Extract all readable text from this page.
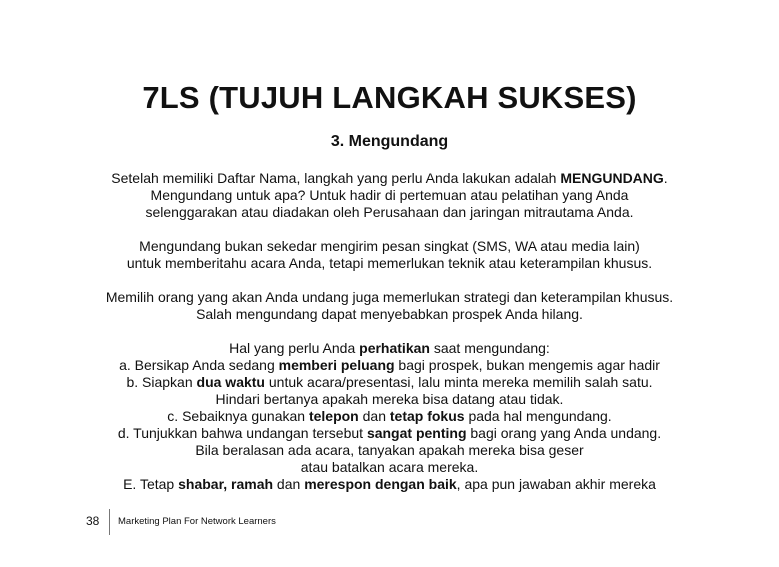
7LS (TUJUH LANGKAH SUKSES)
3. Mengundang
Setelah memiliki Daftar Nama, langkah yang perlu Anda lakukan adalah MENGUNDANG.
Mengundang untuk apa? Untuk hadir di pertemuan atau pelatihan yang Anda
selenggarakan atau diadakan oleh Perusahaan dan jaringan mitrautama Anda.
Mengundang bukan sekedar mengirim pesan singkat (SMS, WA atau media lain)
untuk memberitahu acara Anda, tetapi memerlukan teknik atau keterampilan khusus.
Memilih orang yang akan Anda undang juga memerlukan strategi dan keterampilan khusus.
Salah mengundang dapat menyebabkan prospek Anda hilang.
Hal yang perlu Anda perhatikan saat mengundang:
a. Bersikap Anda sedang memberi peluang bagi prospek, bukan mengemis agar hadir
b. Siapkan dua waktu untuk acara/presentasi, lalu minta mereka memilih salah satu.
Hindari bertanya apakah mereka bisa datang atau tidak.
c. Sebaiknya gunakan telepon dan tetap fokus pada hal mengundang.
d. Tunjukkan bahwa undangan tersebut sangat penting bagi orang yang Anda undang.
Bila beralasan ada acara, tanyakan apakah mereka bisa geser
atau batalkan acara mereka.
E. Tetap shabar, ramah dan merespon dengan baik, apa pun jawaban akhir mereka
38 Marketing Plan For Network Learners
